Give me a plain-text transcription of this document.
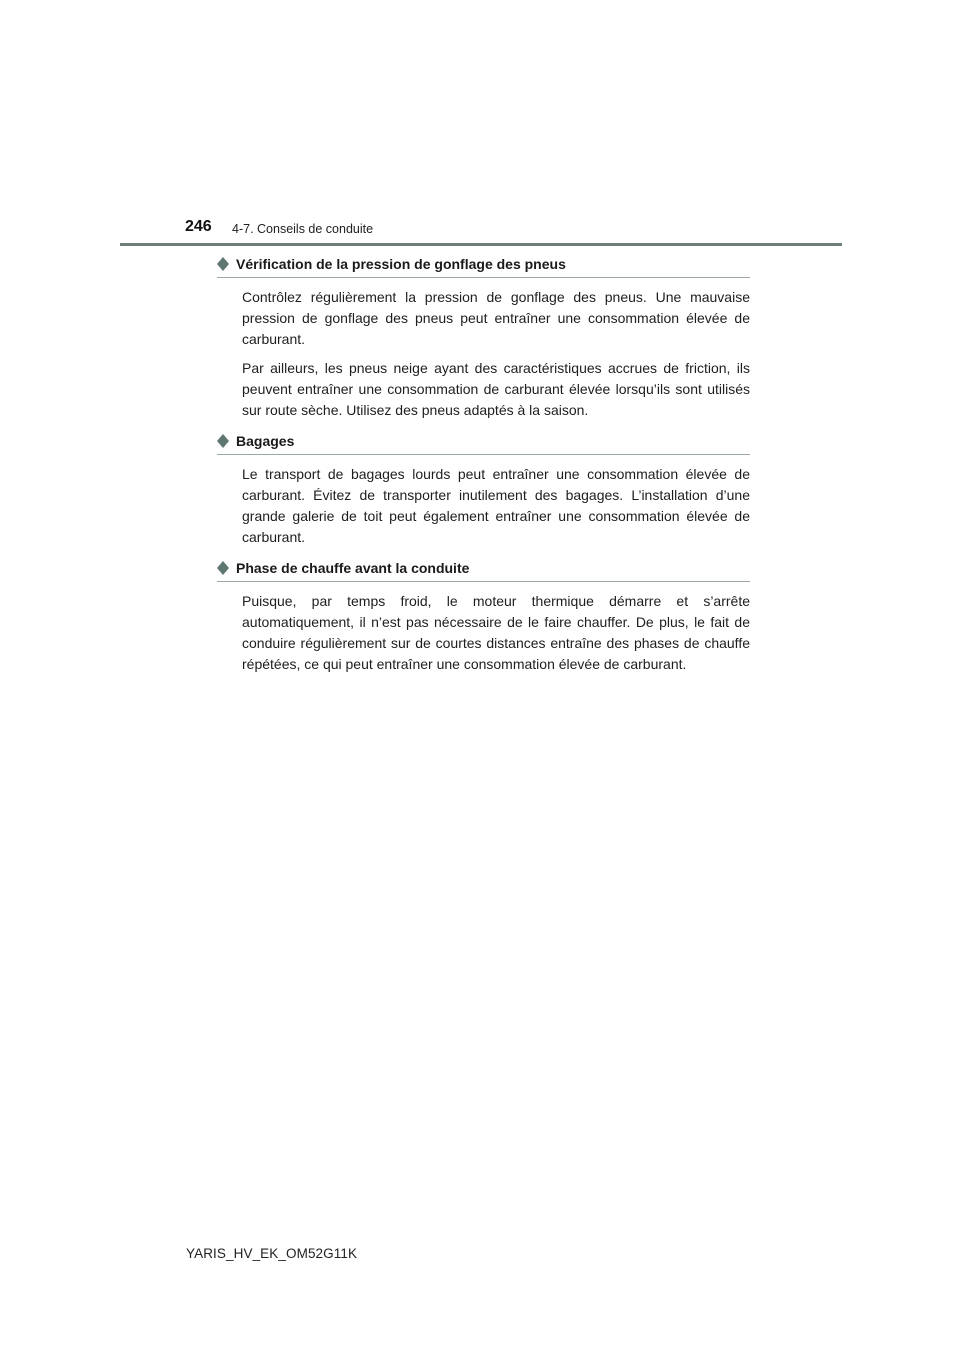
246 4-7. Conseils de conduite
Vérification de la pression de gonflage des pneus

Contrôlez régulièrement la pression de gonflage des pneus. Une mauvaise pression de gonflage des pneus peut entraîner une consommation élevée de carburant.

Par ailleurs, les pneus neige ayant des caractéristiques accrues de friction, ils peuvent entraîner une consommation de carburant élevée lorsqu’ils sont utilisés sur route sèche. Utilisez des pneus adaptés à la saison.

Bagages

Le transport de bagages lourds peut entraîner une consommation élevée de carburant. Évitez de transporter inutilement des bagages. L’installation d’une grande galerie de toit peut également entraîner une consommation élevée de carburant.

Phase de chauffe avant la conduite

Puisque, par temps froid, le moteur thermique démarre et s’arrête automatiquement, il n’est pas nécessaire de le faire chauffer. De plus, le fait de conduire régulièrement sur de courtes distances entraîne des phases de chauffe répétées, ce qui peut entraîner une consommation élevée de carburant.

YARIS_HV_EK_OM52G11K
